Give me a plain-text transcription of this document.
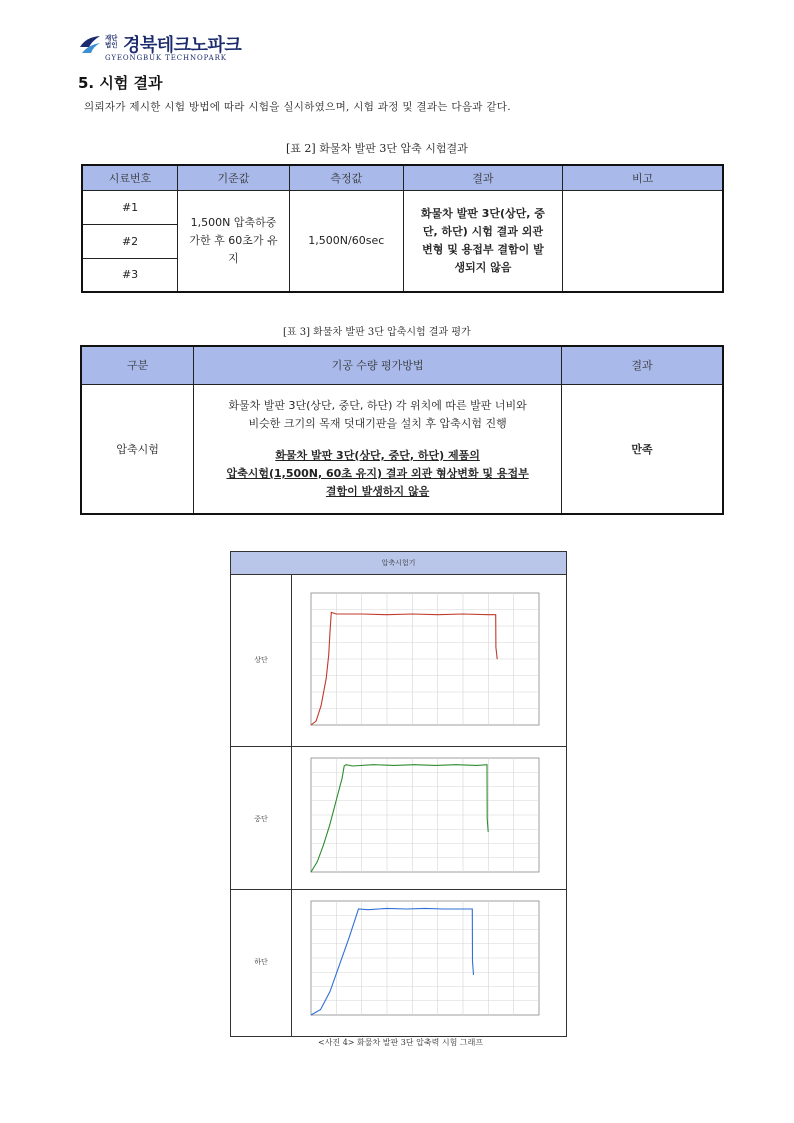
재단
법인 경북테크노파크
GYEONGBUK TECHNOPARK
5. 시험 결과
의뢰자가 제시한 시험 방법에 따라 시험을 실시하였으며, 시험 과정 및 결과는 다음과 같다.
[표 2] 화물차 발판 3단 압축 시험결과
시료번호	기준값	측정값	결과	비고
#1	1,500N 압축하중 가한 후 60초가 유지	1,500N/60sec	화물차 발판 3단(상단, 중단, 하단) 시험 결과 외관 변형 및 용접부 결함이 발생되지 않음	

#2				
#3				
[표 3] 화물차 발판 3단 압축시험 결과 평가
구분	기공 수량 평가방법	결과
압축시험	화물차 발판 3단(상단, 중단, 하단) 각 위치에 따른 발판 너비와
비슷한 크기의 목재 덧대기판을 설치 후 압축시험 진행
화물차 발판 3단(상단, 중단, 하단) 제품의
압축시험(1,500N, 60초 유지) 결과 외관 형상변화 및 용접부
결함이 발생하지 않음	만족
압축시험기
상단
중단
하단
<사진 4> 화물차 발판 3단 압축력 시험 그래프
